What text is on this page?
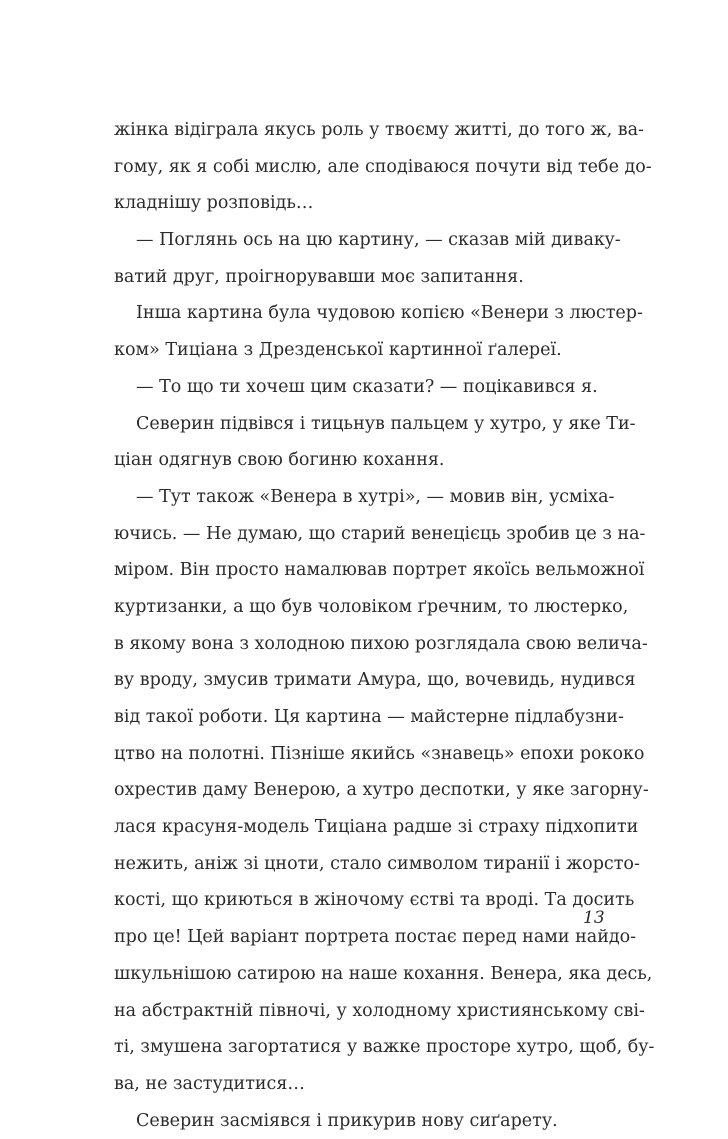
жінка відіграла якусь роль у твоєму житті, до того ж, ва-
гому, як я собі мислю, але сподіваюся почути від тебе до-
кладнішу розповідь…
— Поглянь ось на цю картину, — сказав мій дивакy-
ватий друг, проігнорувавши моє запитання.
Інша картина була чудовою копією «Венери з люстер-
ком» Тиціана з Дрезденської картинної ґалереї.
— То що ти хочеш цим сказати? — поцікавився я.
Северин підвівся і тицьнув пальцем у хутро, у яке Ти-
ціан одягнув свою богиню кохання.
— Тут також «Венера в хутрі», — мовив він, усміха-
ючись. — Не думаю, що старий венецієць зробив це з на-
міром. Він просто намалював портрет якоїсь вельможної
куртизанки, а що був чоловіком ґречним, то люстерко,
в якому вона з холодною пихою розглядала свою велича-
ву вроду, змусив тримати Амура, що, вочевидь, нудився
від такої роботи. Ця картина — майстерне підлабузни-
цтво на полотні. Пізніше якийсь «знавець» епохи рококо
охрестив даму Венерою, а хутро деспотки, у яке загорну-
лася красуня-модель Тиціана радше зі страху підхопити
нежить, аніж зі цноти, стало символом тиранії і жорсто-
кості, що криються в жіночому єстві та вроді. Та досить
про це! Цей варіант портрета постає перед нами найдо-
шкульнішою сатирою на наше кохання. Венера, яка десь,
на абстрактній півночі, у холодному християнському сві-
ті, змушена загортатися у важке просторе хутро, щоб, бу-
ва, не застудитися…
Северин засміявся і прикурив нову сиґарету.
13
